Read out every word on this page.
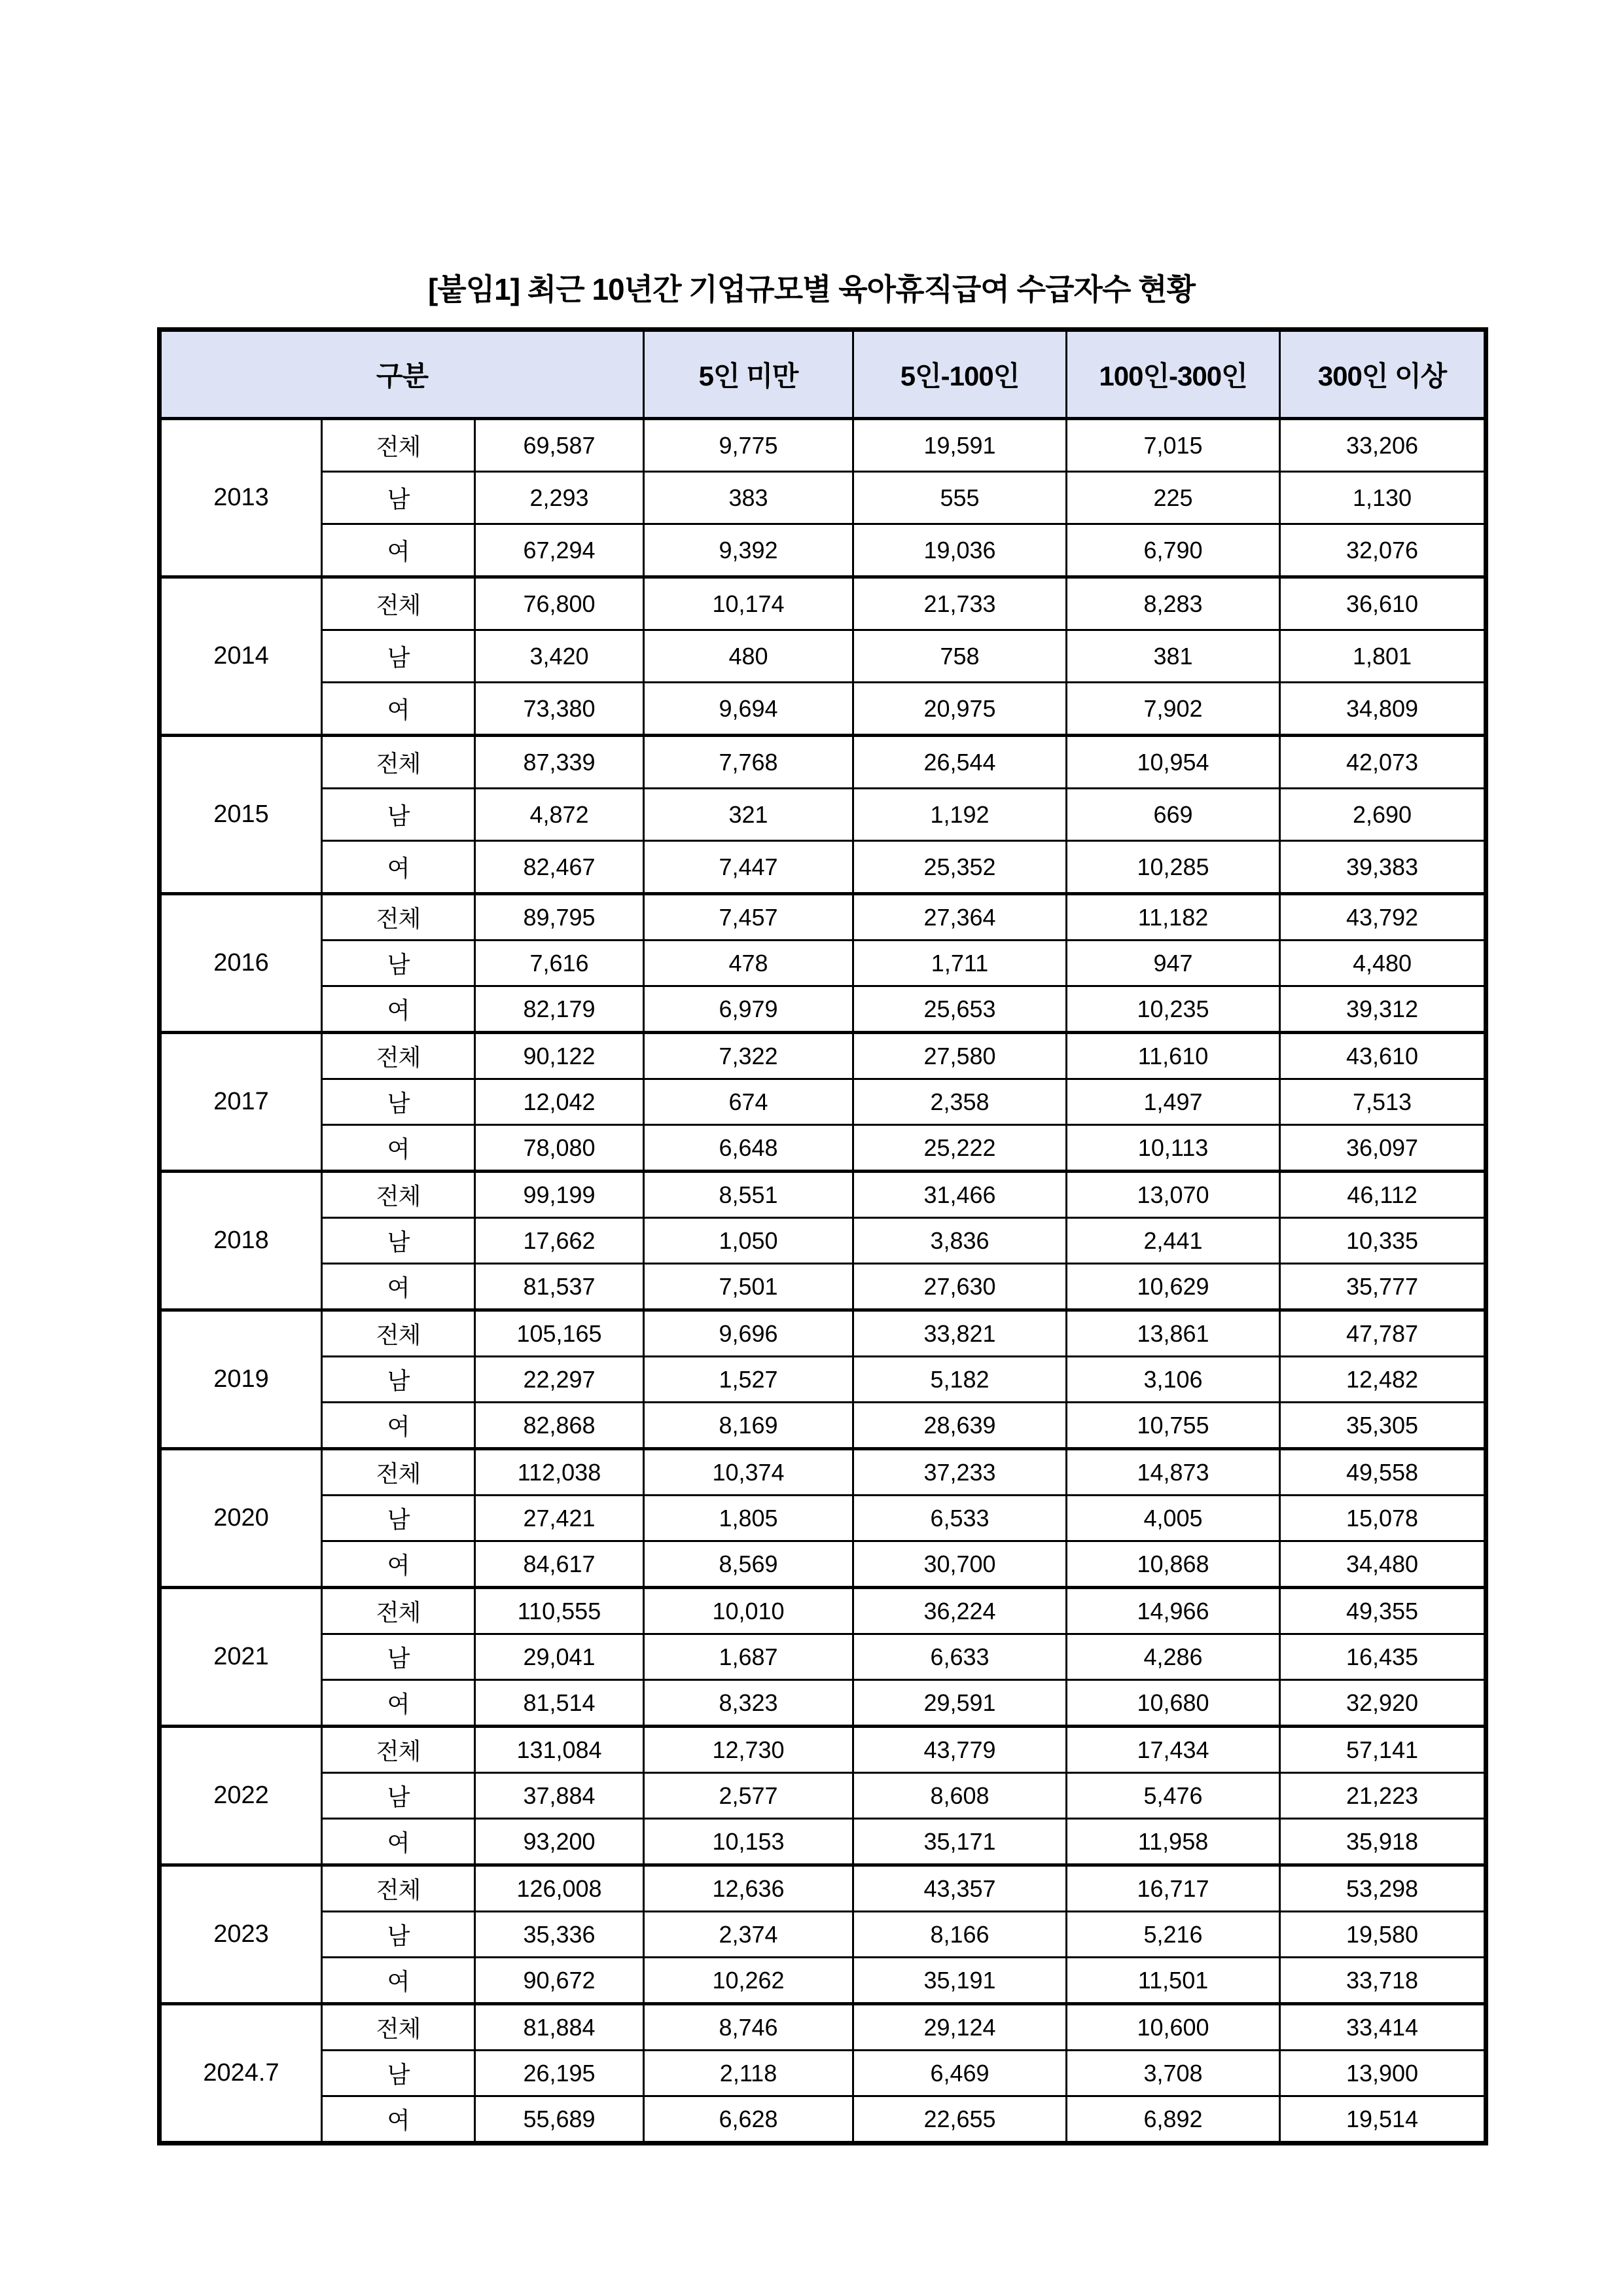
[붙임1] 최근 10년간 기업규모별 육아휴직급여 수급자수 현황
구분			5인 미만	5인-100인	100인-300인	300인 이상
2013	전체	69,587	9,775	19,591	7,015	33,206
	남	2,293	383	555	225	1,130
	여	67,294	9,392	19,036	6,790	32,076
2014	전체	76,800	10,174	21,733	8,283	36,610
	남	3,420	480	758	381	1,801
	여	73,380	9,694	20,975	7,902	34,809
2015	전체	87,339	7,768	26,544	10,954	42,073
	남	4,872	321	1,192	669	2,690
	여	82,467	7,447	25,352	10,285	39,383
2016	전체	89,795	7,457	27,364	11,182	43,792
	남	7,616	478	1,711	947	4,480
	여	82,179	6,979	25,653	10,235	39,312
2017	전체	90,122	7,322	27,580	11,610	43,610
	남	12,042	674	2,358	1,497	7,513
	여	78,080	6,648	25,222	10,113	36,097
2018	전체	99,199	8,551	31,466	13,070	46,112
	남	17,662	1,050	3,836	2,441	10,335
	여	81,537	7,501	27,630	10,629	35,777
2019	전체	105,165	9,696	33,821	13,861	47,787
	남	22,297	1,527	5,182	3,106	12,482
	여	82,868	8,169	28,639	10,755	35,305
2020	전체	112,038	10,374	37,233	14,873	49,558
	남	27,421	1,805	6,533	4,005	15,078
	여	84,617	8,569	30,700	10,868	34,480
2021	전체	110,555	10,010	36,224	14,966	49,355
	남	29,041	1,687	6,633	4,286	16,435
	여	81,514	8,323	29,591	10,680	32,920
2022	전체	131,084	12,730	43,779	17,434	57,141
	남	37,884	2,577	8,608	5,476	21,223
	여	93,200	10,153	35,171	11,958	35,918
2023	전체	126,008	12,636	43,357	16,717	53,298
	남	35,336	2,374	8,166	5,216	19,580
	여	90,672	10,262	35,191	11,501	33,718
2024.7	전체	81,884	8,746	29,124	10,600	33,414
	남	26,195	2,118	6,469	3,708	13,900
	여	55,689	6,628	22,655	6,892	19,514
